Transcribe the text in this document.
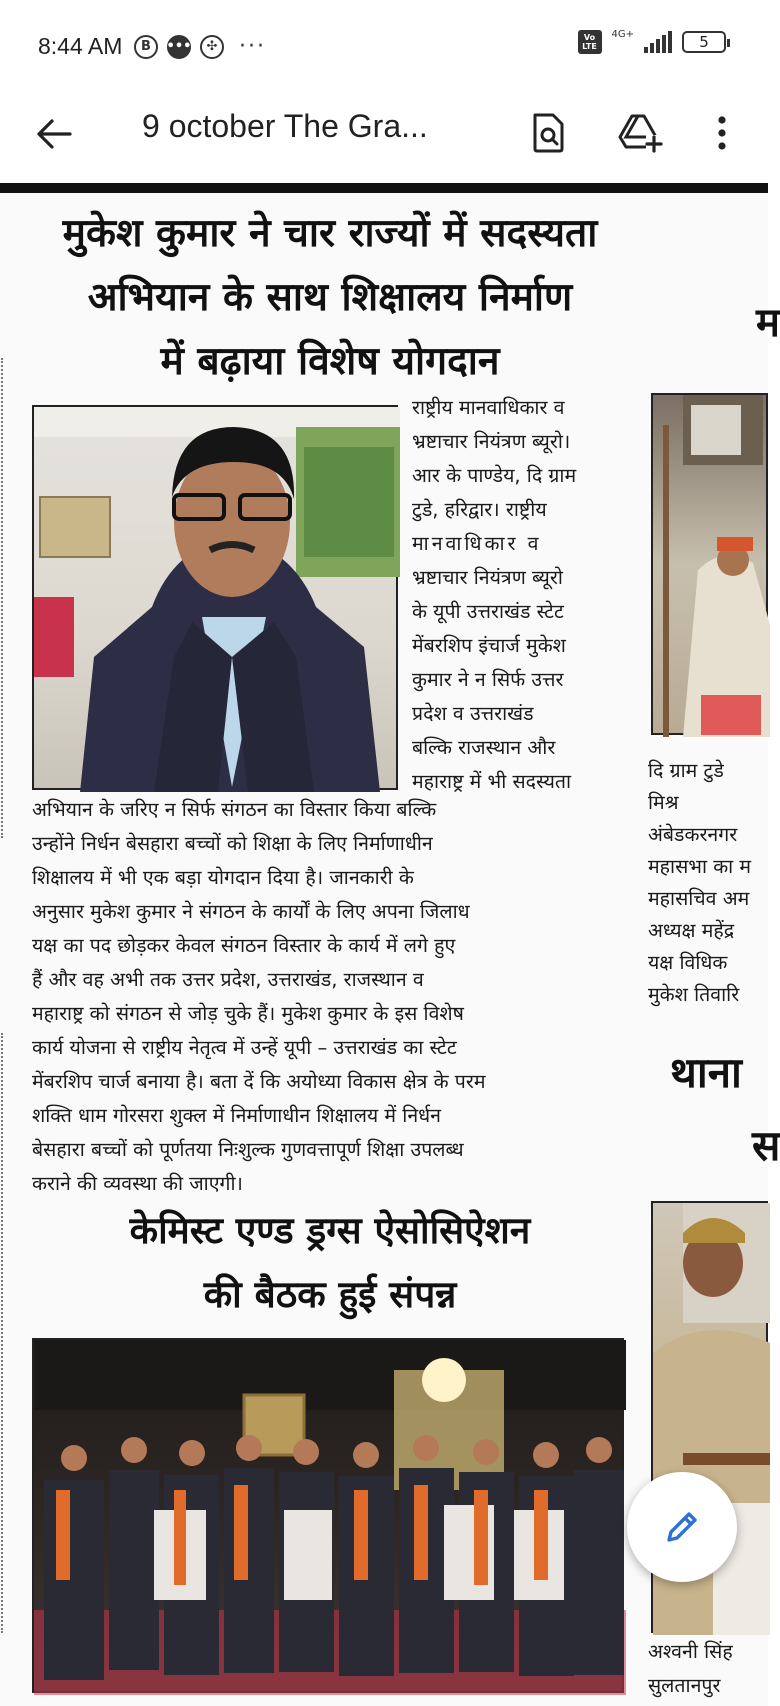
8:44 AM	B	•••	✣ ···	Vo
LTE
4G+	5
9 october The Gra...
मुकेश कुमार ने चार राज्यों में सदस्यता
अभियान के साथ शिक्षालय निर्माण
में बढ़ाया विशेष योगदान
राष्ट्रीय मानवाधिकार व
भ्रष्टाचार नियंत्रण ब्यूरो।
आर के पाण्डेय, दि ग्राम
टुडे, हरिद्वार। राष्ट्रीय
मानवाधिकार व
भ्रष्टाचार नियंत्रण ब्यूरो
के यूपी उत्तराखंड स्टेट
मेंबरशिप इंचार्ज मुकेश
कुमार ने न सिर्फ उत्तर
प्रदेश व उत्तराखंड
बल्कि राजस्थान और
महाराष्ट्र में भी सदस्यता
अभियान के जरिए न सिर्फ संगठन का विस्तार किया बल्कि
उन्होंने निर्धन बेसहारा बच्चों को शिक्षा के लिए निर्माणाधीन
शिक्षालय में भी एक बड़ा योगदान दिया है। जानकारी के
अनुसार मुकेश कुमार ने संगठन के कार्यों के लिए अपना जिलाध
यक्ष का पद छोड़कर केवल संगठन विस्तार के कार्य में लगे हुए
हैं और वह अभी तक उत्तर प्रदेश, उत्तराखंड, राजस्थान व
महाराष्ट्र को संगठन से जोड़ चुके हैं। मुकेश कुमार के इस विशेष
कार्य योजना से राष्ट्रीय नेतृत्व में उन्हें यूपी – उत्तराखंड का स्टेट
मेंबरशिप चार्ज बनाया है। बता दें कि अयोध्या विकास क्षेत्र के परम
शक्ति धाम गोरसरा शुक्ल में निर्माणाधीन शिक्षालय में निर्धन
बेसहारा बच्चों को पूर्णतया निःशुल्क गुणवत्तापूर्ण शिक्षा उपलब्ध
कराने की व्यवस्था की जाएगी।
केमिस्ट एण्ड ड्रग्स ऐसोसिऐशन
की बैठक हुई संपन्न
म
दि ग्राम टुडे
मिश्र
अंबेडकरनगर
महासभा का म
महासचिव अम
अध्यक्ष महेंद्र
यक्ष विधिक
मुकेश तिवारि
थाना
स
अश्वनी सिंह
सुलतानपुर
